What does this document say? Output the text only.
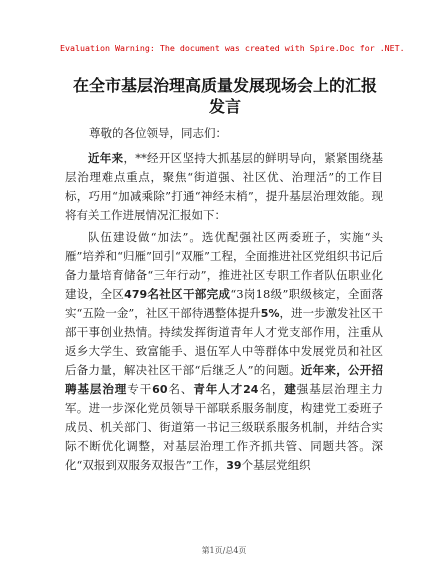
Evaluation Warning: The document was created with Spire.Doc for .NET.
在全市基层治理高质量发展现场会上的汇报发言
尊敬的各位领导，同志们：

近年来，**经开区坚持大抓基层的鲜明导向，紧紧围绕基层治理难点重点，聚焦“街道强、社区优、治理活”的工作目标，巧用“加减乘除”打通“神经末梢”，提升基层治理效能。现将有关工作进展情况汇报如下：

队伍建设做“加法”。选优配强社区两委班子，实施“头雁”培养和“归雁”回引“双雁”工程，全面推进社区党组织书记后备力量培育储备“三年行动”，推进社区专职工作者队伍职业化建设，全区479名社区干部完成“3岗18级”职级核定，全面落实“五险一金”，社区干部待遇整体提升5%，进一步激发社区干部干事创业热情。持续发挥街道青年人才党支部作用，注重从返乡大学生、致富能手、退伍军人中等群体中发展党员和社区后备力量，解决社区干部“后继乏人”的问题。近年来，公开招聘基层治理专干60名、青年人才24名，建强基层治理主力军。进一步深化党员领导干部联系服务制度，构建党工委班子成员、机关部门、街道第一书记三级联系服务机制，并结合实际不断优化调整，对基层治理工作齐抓共管、同题共答。深化“双报到双服务双报告”工作，39个基层党组织

第1页/总4页
